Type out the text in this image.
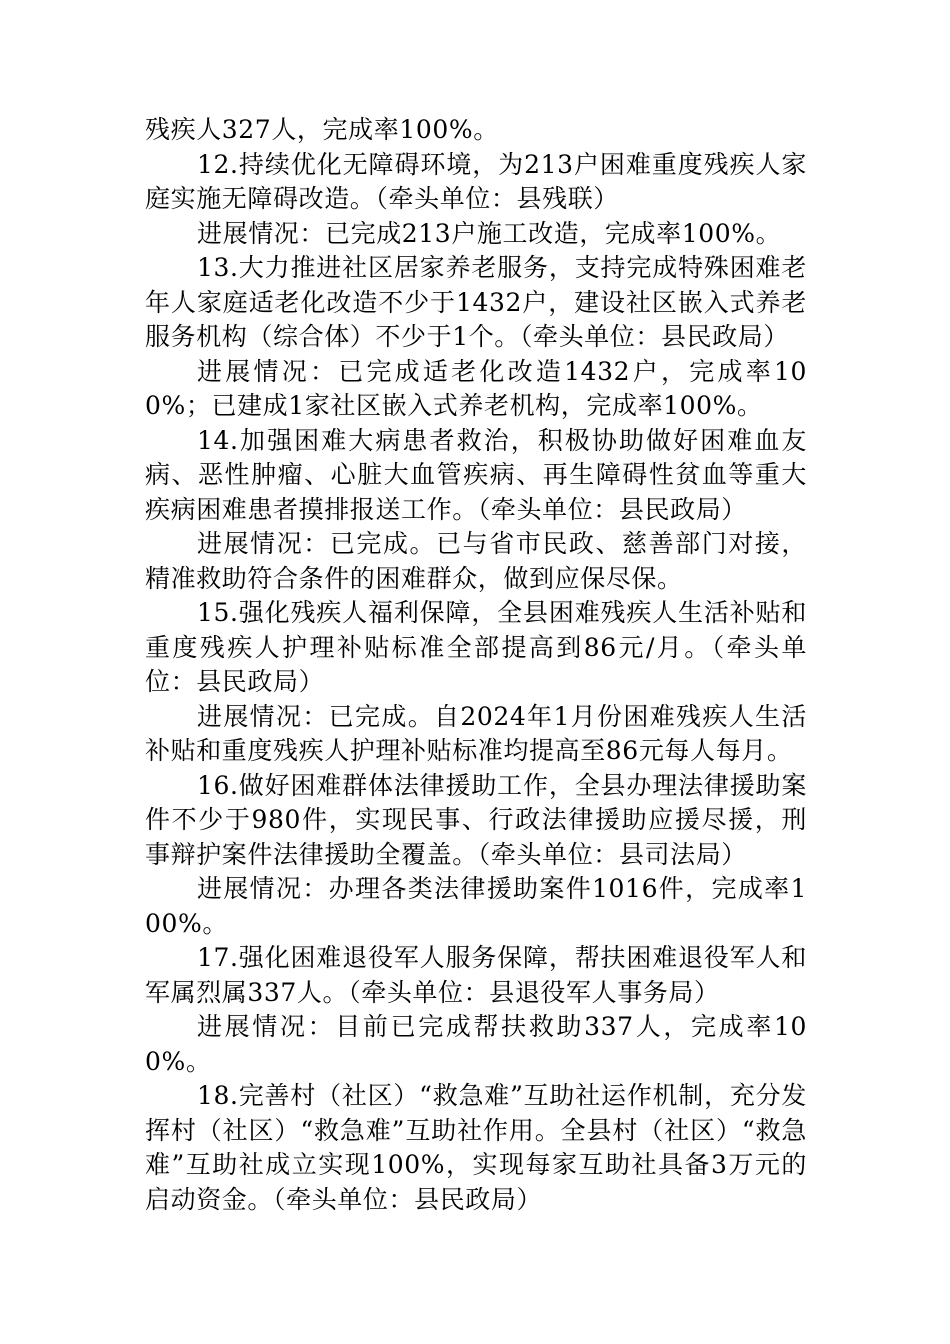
残疾人327人，完成率100%。

12.持续优化无障碍环境，为213户困难重度残疾人家庭实施无障碍改造。（牵头单位：县残联）

进展情况：已完成213户施工改造，完成率100%。

13.大力推进社区居家养老服务，支持完成特殊困难老年人家庭适老化改造不少于1432户，建设社区嵌入式养老服务机构（综合体）不少于1个。（牵头单位：县民政局）

进展情况：已完成适老化改造1432户，完成率100%；已建成1家社区嵌入式养老机构，完成率100%。

14.加强困难大病患者救治，积极协助做好困难血友病、恶性肿瘤、心脏大血管疾病、再生障碍性贫血等重大疾病困难患者摸排报送工作。（牵头单位：县民政局）

进展情况：已完成。已与省市民政、慈善部门对接，精准救助符合条件的困难群众，做到应保尽保。

15.强化残疾人福利保障，全县困难残疾人生活补贴和重度残疾人护理补贴标准全部提高到86元/月。（牵头单位：县民政局）

进展情况：已完成。自2024年1月份困难残疾人生活补贴和重度残疾人护理补贴标准均提高至86元每人每月。

16.做好困难群体法律援助工作，全县办理法律援助案件不少于980件，实现民事、行政法律援助应援尽援，刑事辩护案件法律援助全覆盖。（牵头单位：县司法局）

进展情况：办理各类法律援助案件1016件，完成率100%。

17.强化困难退役军人服务保障，帮扶困难退役军人和军属烈属337人。（牵头单位：县退役军人事务局）

进展情况：目前已完成帮扶救助337人，完成率100%。

18.完善村（社区）“救急难”互助社运作机制，充分发挥村（社区）“救急难”互助社作用。全县村（社区）“救急难”互助社成立实现100%，实现每家互助社具备3万元的启动资金。（牵头单位：县民政局）
